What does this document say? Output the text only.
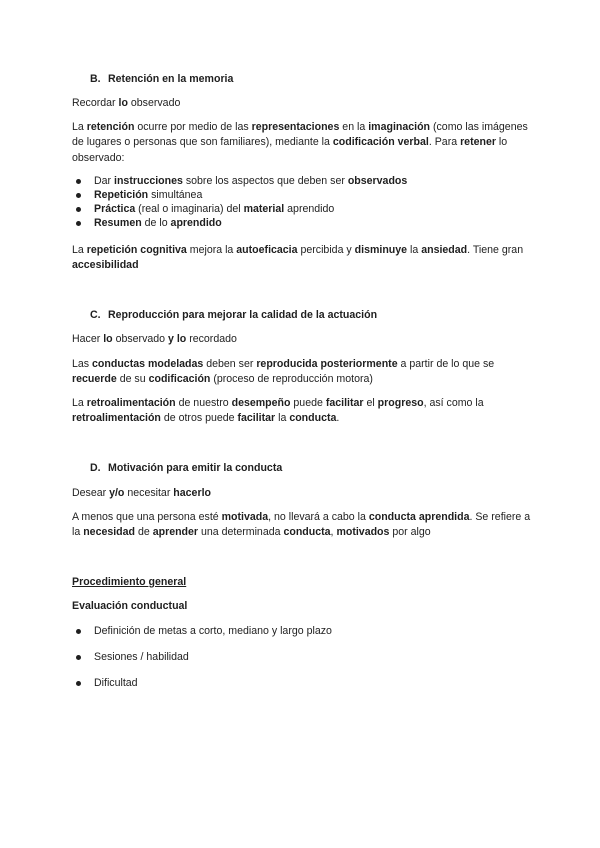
B. Retención en la memoria

Recordar lo observado

La retención ocurre por medio de las representaciones en la imaginación (como las imágenes de lugares o personas que son familiares), mediante la codificación verbal. Para retener lo observado:

Dar instrucciones sobre los aspectos que deben ser observados
Repetición simultánea
Práctica (real o imaginaria) del material aprendido
Resumen de lo aprendido

La repetición cognitiva mejora la autoeficacia percibida y disminuye la ansiedad. Tiene gran accesibilidad

C. Reproducción para mejorar la calidad de la actuación

Hacer lo observado y lo recordado

Las conductas modeladas deben ser reproducida posteriormente a partir de lo que se recuerde de su codificación (proceso de reproducción motora)

La retroalimentación de nuestro desempeño puede facilitar el progreso, así como la retroalimentación de otros puede facilitar la conducta.

D. Motivación para emitir la conducta

Desear y/o necesitar hacerlo

A menos que una persona esté motivada, no llevará a cabo la conducta aprendida. Se refiere a la necesidad de aprender una determinada conducta, motivados por algo

Procedimiento general

Evaluación conductual

Definición de metas a corto, mediano y largo plazo
Sesiones / habilidad
Dificultad
